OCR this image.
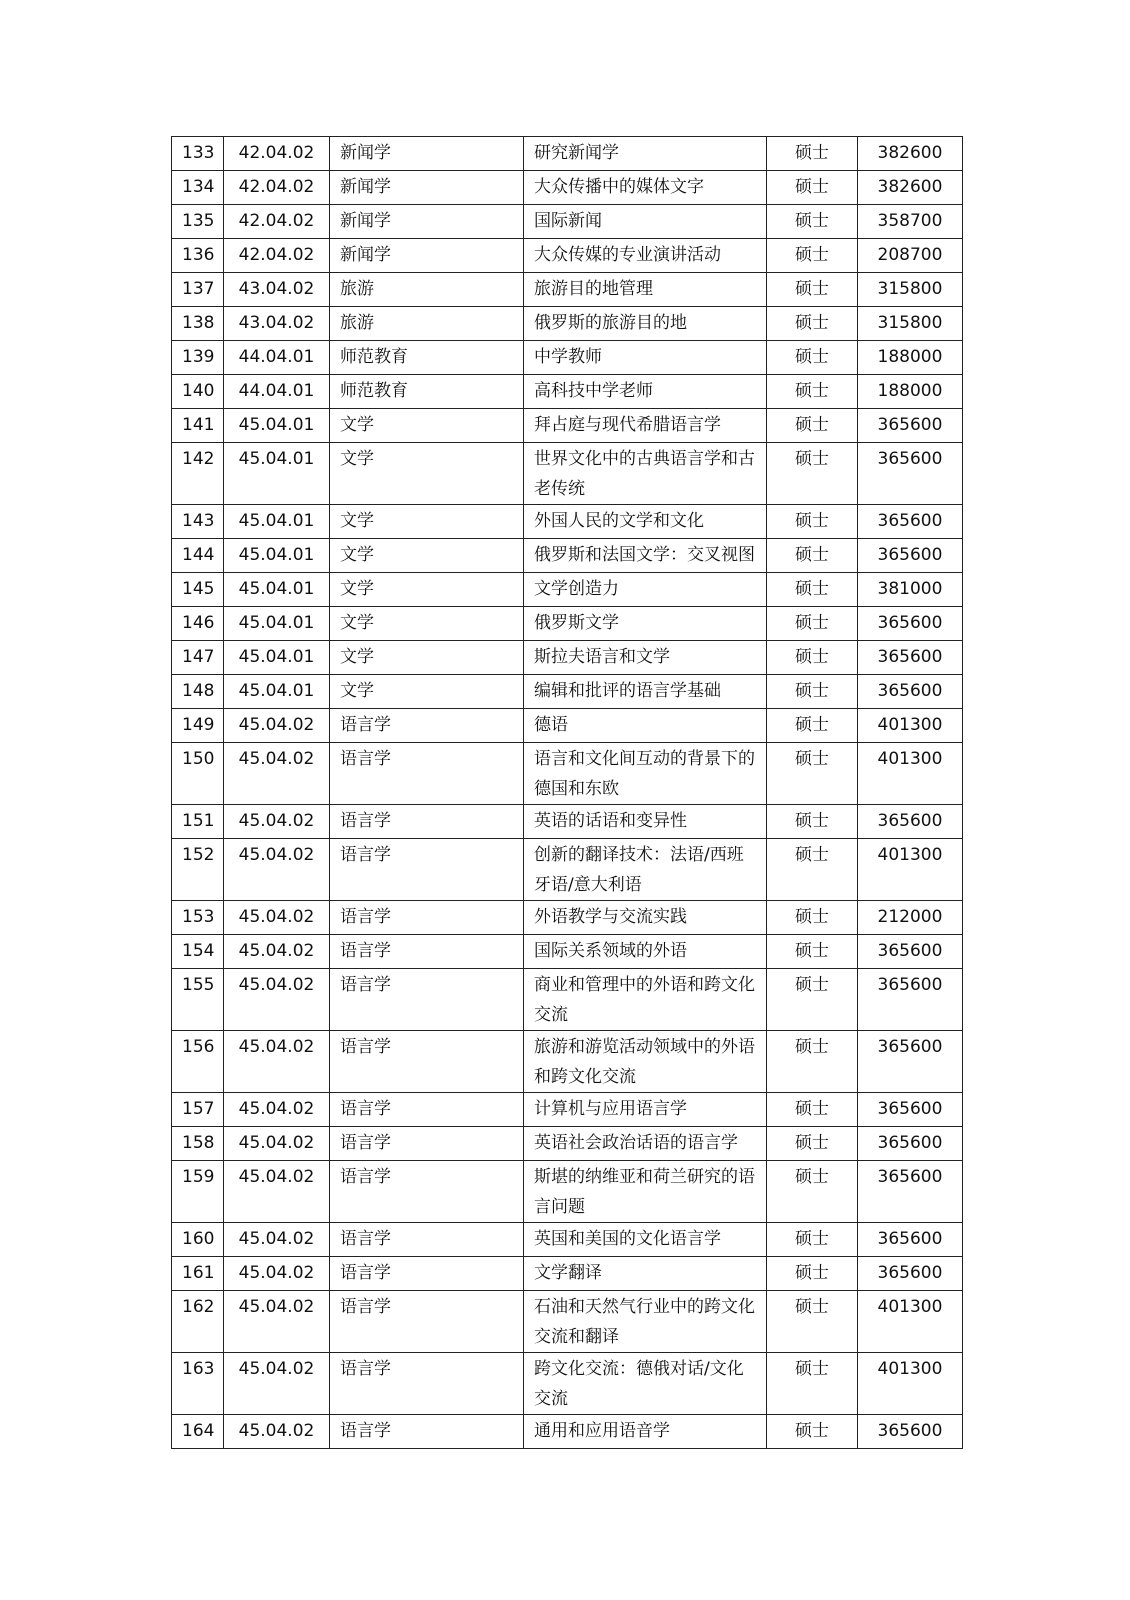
133	42.04.02	新闻学	研究新闻学	硕士	382600
134	42.04.02	新闻学	大众传播中的媒体文字	硕士	382600
135	42.04.02	新闻学	国际新闻	硕士	358700
136	42.04.02	新闻学	大众传媒的专业演讲活动	硕士	208700
137	43.04.02	旅游	旅游目的地管理	硕士	315800
138	43.04.02	旅游	俄罗斯的旅游目的地	硕士	315800
139	44.04.01	师范教育	中学教师	硕士	188000
140	44.04.01	师范教育	高科技中学老师	硕士	188000
141	45.04.01	文学	拜占庭与现代希腊语言学	硕士	365600
142	45.04.01	文学	世界文化中的古典语言学和古老传统	硕士	365600
143	45.04.01	文学	外国人民的文学和文化	硕士	365600
144	45.04.01	文学	俄罗斯和法国文学：交叉视图	硕士	365600
145	45.04.01	文学	文学创造力	硕士	381000
146	45.04.01	文学	俄罗斯文学	硕士	365600
147	45.04.01	文学	斯拉夫语言和文学	硕士	365600
148	45.04.01	文学	编辑和批评的语言学基础	硕士	365600
149	45.04.02	语言学	德语	硕士	401300
150	45.04.02	语言学	语言和文化间互动的背景下的德国和东欧	硕士	401300
151	45.04.02	语言学	英语的话语和变异性	硕士	365600
152	45.04.02	语言学	创新的翻译技术：法语/西班牙语/意大利语	硕士	401300
153	45.04.02	语言学	外语教学与交流实践	硕士	212000
154	45.04.02	语言学	国际关系领域的外语	硕士	365600
155	45.04.02	语言学	商业和管理中的外语和跨文化交流	硕士	365600
156	45.04.02	语言学	旅游和游览活动领域中的外语和跨文化交流	硕士	365600
157	45.04.02	语言学	计算机与应用语言学	硕士	365600
158	45.04.02	语言学	英语社会政治话语的语言学	硕士	365600
159	45.04.02	语言学	斯堪的纳维亚和荷兰研究的语言问题	硕士	365600
160	45.04.02	语言学	英国和美国的文化语言学	硕士	365600
161	45.04.02	语言学	文学翻译	硕士	365600
162	45.04.02	语言学	石油和天然气行业中的跨文化交流和翻译	硕士	401300
163	45.04.02	语言学	跨文化交流：德俄对话/文化交流	硕士	401300
164	45.04.02	语言学	通用和应用语音学	硕士	365600
